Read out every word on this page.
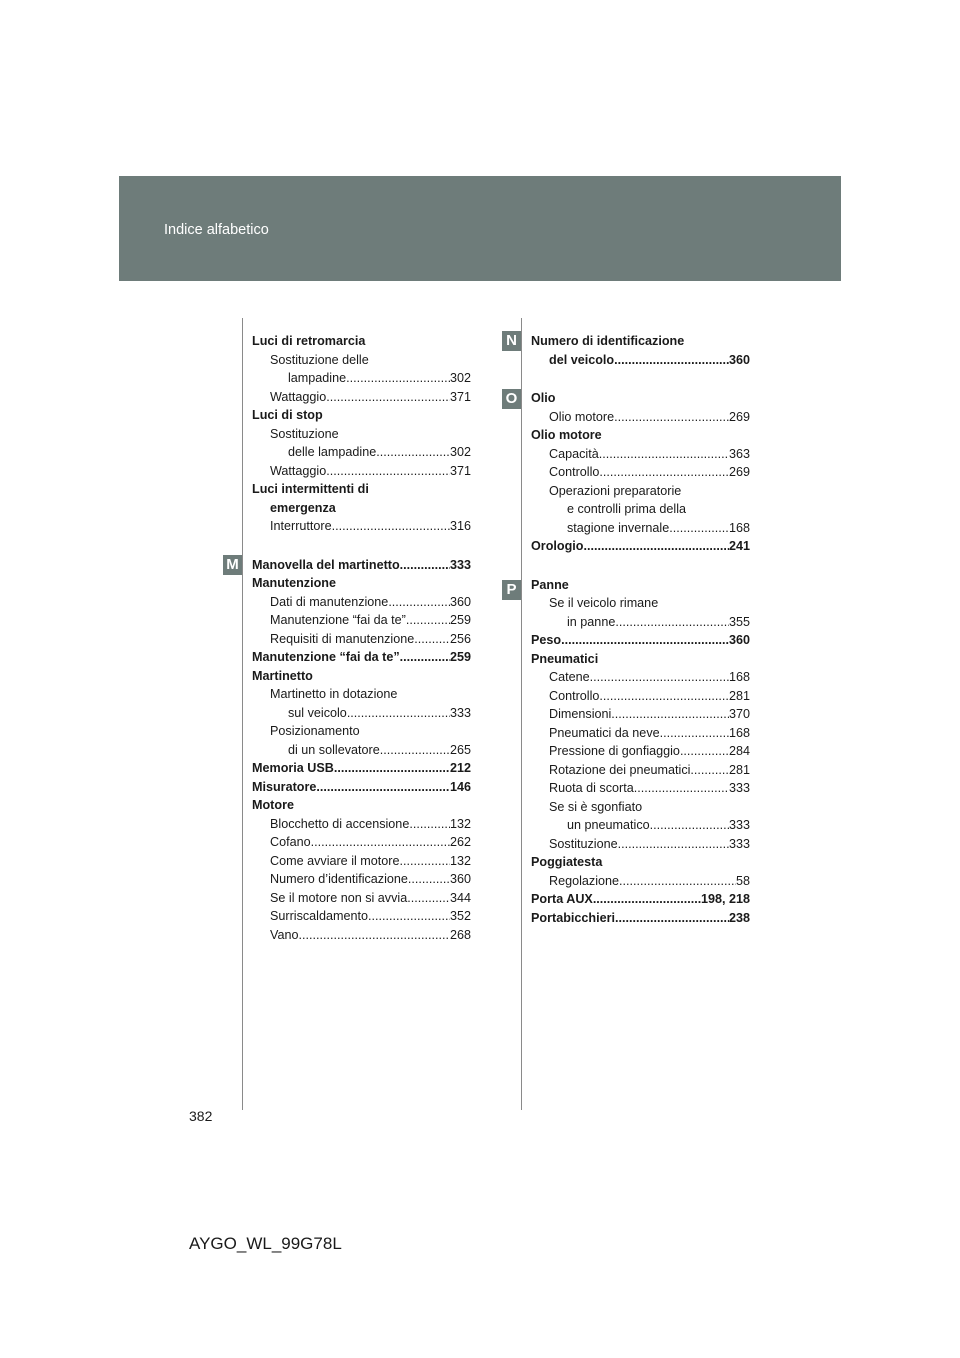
Indice alfabetico
M
N
O
P
Luci di retromarcia
Sostituzione delle
lampadine .....	302
Wattaggio .....	371
Luci di stop
Sostituzione
delle lampadine .....	302
Wattaggio .....	371
Luci intermittenti di
emergenza
Interruttore .....	316
Manovella del martinetto .....	333
Manutenzione
Dati di manutenzione .....	360
Manutenzione “fai da te” .....	259
Requisiti di manutenzione .....	256
Manutenzione “fai da te” .....	259
Martinetto
Martinetto in dotazione
sul veicolo .....	333
Posizionamento
di un sollevatore .....	265
Memoria USB .....	212
Misuratore .....	146
Motore
Blocchetto di accensione .....	132
Cofano .....	262
Come avviare il motore .....	132
Numero d’identificazione .....	360
Se il motore non si avvia .....	344
Surriscaldamento .....	352
Vano .....	268
Numero di identificazione
del veicolo .....	360
Olio
Olio motore .....	269
Olio motore
Capacità .....	363
Controllo .....	269
Operazioni preparatorie
e controlli prima della
stagione invernale .....	168
Orologio .....	241
Panne
Se il veicolo rimane
in panne .....	355
Peso .....	360
Pneumatici
Catene .....	168
Controllo .....	281
Dimensioni .....	370
Pneumatici da neve .....	168
Pressione di gonfiaggio .....	284
Rotazione dei pneumatici .....	281
Ruota di scorta .....	333
Se si è sgonfiato
un pneumatico .....	333
Sostituzione .....	333
Poggiatesta
Regolazione .....	58
Porta AUX .....	198, 218
Portabicchieri .....	238
382
AYGO_WL_99G78L
